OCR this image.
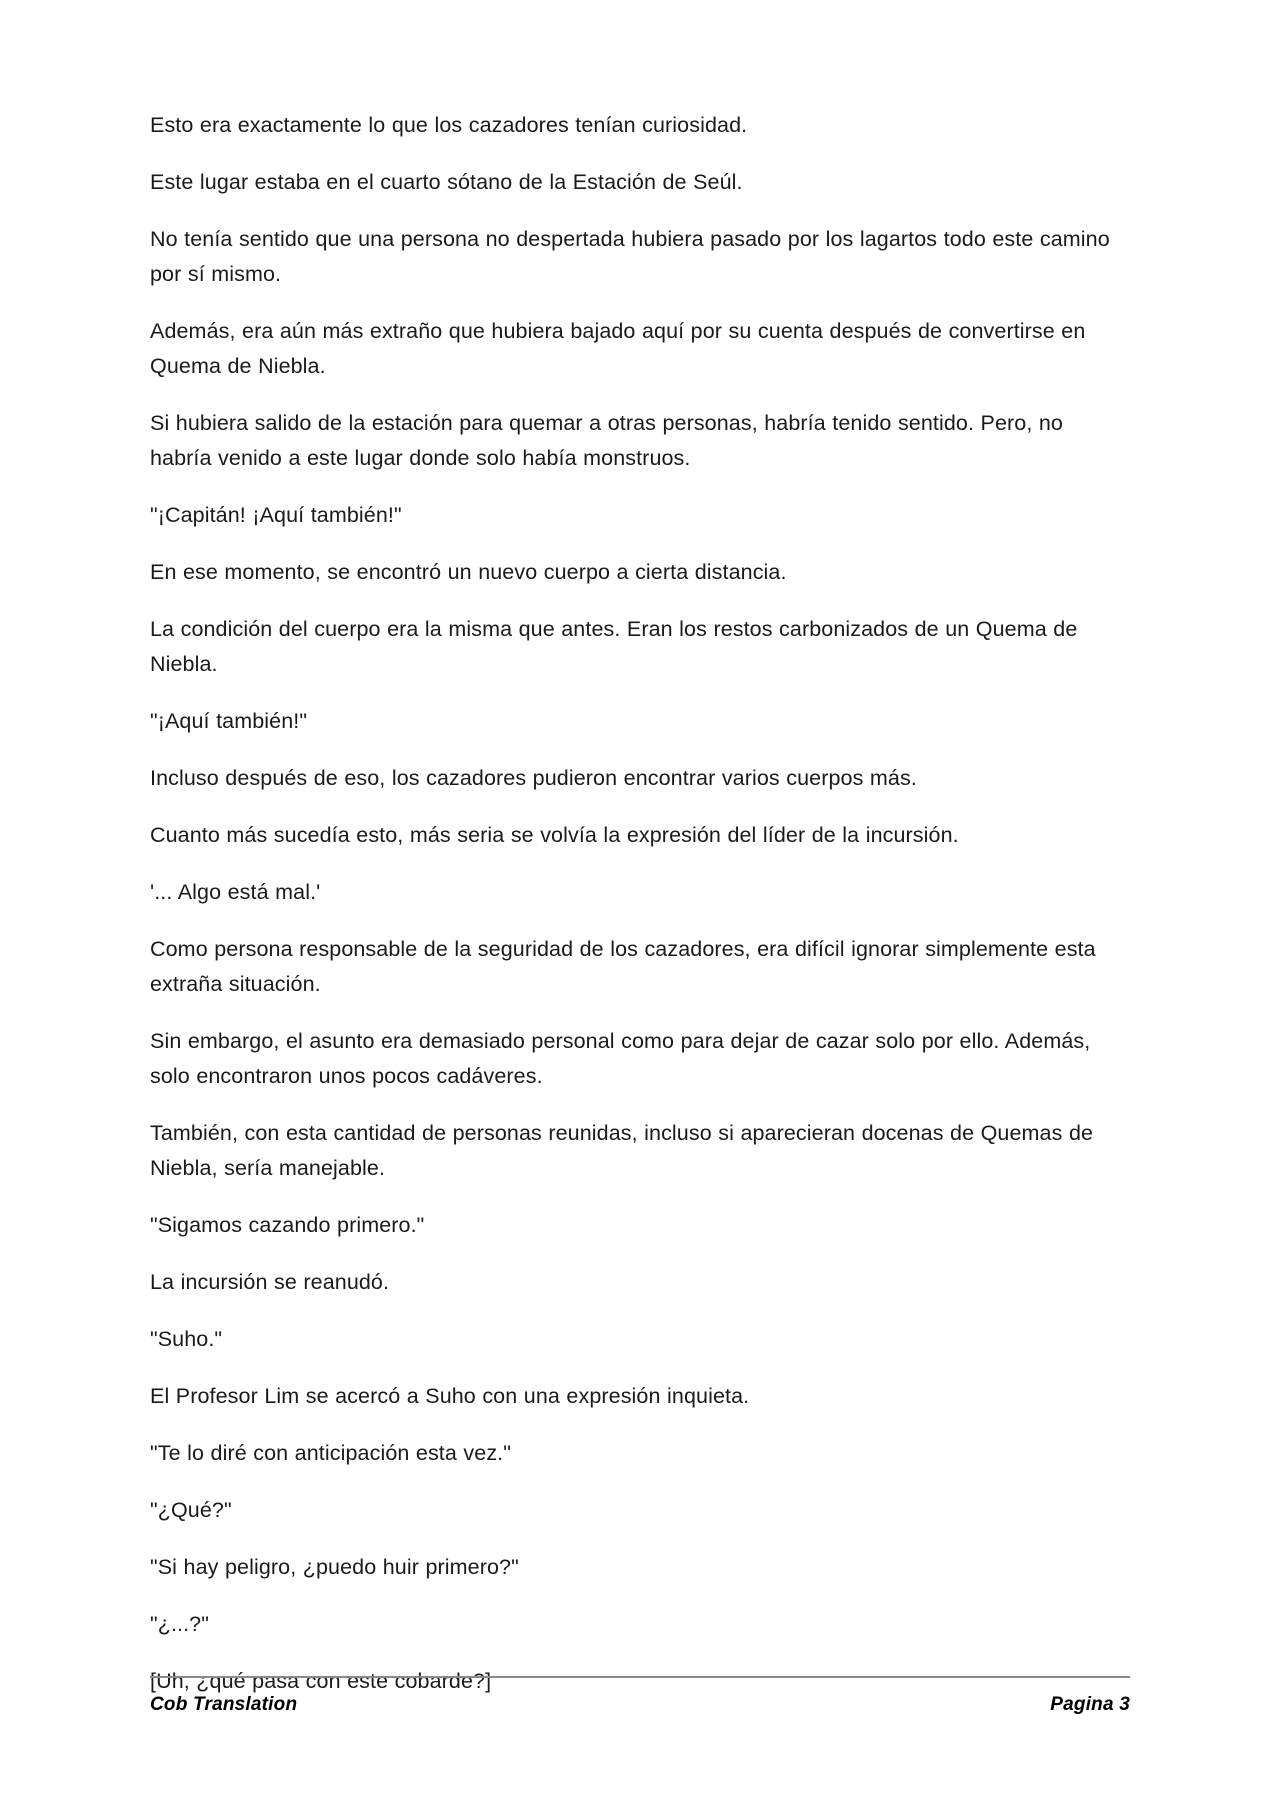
Esto era exactamente lo que los cazadores tenían curiosidad.

Este lugar estaba en el cuarto sótano de la Estación de Seúl.

No tenía sentido que una persona no despertada hubiera pasado por los lagartos todo este camino por sí mismo.

Además, era aún más extraño que hubiera bajado aquí por su cuenta después de convertirse en Quema de Niebla.

Si hubiera salido de la estación para quemar a otras personas, habría tenido sentido. Pero, no habría venido a este lugar donde solo había monstruos.

"¡Capitán! ¡Aquí también!"

En ese momento, se encontró un nuevo cuerpo a cierta distancia.

La condición del cuerpo era la misma que antes. Eran los restos carbonizados de un Quema de Niebla.

"¡Aquí también!"

Incluso después de eso, los cazadores pudieron encontrar varios cuerpos más.

Cuanto más sucedía esto, más seria se volvía la expresión del líder de la incursión.

'... Algo está mal.'

Como persona responsable de la seguridad de los cazadores, era difícil ignorar simplemente esta extraña situación.

Sin embargo, el asunto era demasiado personal como para dejar de cazar solo por ello. Además, solo encontraron unos pocos cadáveres.

También, con esta cantidad de personas reunidas, incluso si aparecieran docenas de Quemas de Niebla, sería manejable.

"Sigamos cazando primero."

La incursión se reanudó.

"Suho."

El Profesor Lim se acercó a Suho con una expresión inquieta.

"Te lo diré con anticipación esta vez."

"¿Qué?"

"Si hay peligro, ¿puedo huir primero?"

"¿...?"

[Uh, ¿qué pasa con este cobarde?]

Cob Translation	Pagina 3
